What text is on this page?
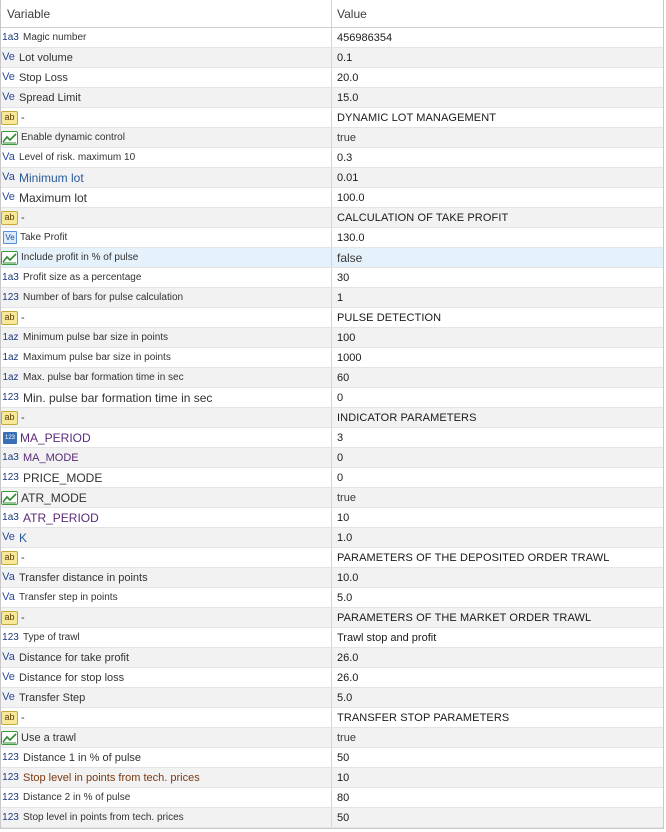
Variable	Value
1a3 Magic number	456986354
Ve Lot volume	0.1
Ve Stop Loss	20.0
Ve Spread Limit	15.0
ab -	DYNAMIC LOT MANAGEMENT
Enable dynamic control	true
Va Level of risk. maximum 10	0.3
Va Minimum lot	0.01
Ve Maximum lot	100.0
ab -	CALCULATION OF TAKE PROFIT
Ve Take Profit	130.0
Include profit in % of pulse	false
1a3 Profit size as a percentage	30
123 Number of bars for pulse calculation	1
ab -	PULSE DETECTION
1az Minimum pulse bar size in points	100
1az Maximum pulse bar size in points	1000
1az Max. pulse bar formation time in sec	60
123 Min. pulse bar formation time in sec	0
ab -	INDICATOR PARAMETERS
123 MA_PERIOD	3
1a3 MA_MODE	0
123 PRICE_MODE	0
ATR_MODE	true
1a3 ATR_PERIOD	10
Ve K	1.0
ab -	PARAMETERS OF THE DEPOSITED ORDER TRAWL
Va Transfer distance in points	10.0
Va Transfer step in points	5.0
ab -	PARAMETERS OF THE MARKET ORDER TRAWL
123 Type of trawl	Trawl stop and profit
Va Distance for take profit	26.0
Ve Distance for stop loss	26.0
Ve Transfer Step	5.0
ab -	TRANSFER STOP PARAMETERS
Use a trawl	true
123 Distance 1 in % of pulse	50
123 Stop level in points from tech. prices	10
123 Distance 2 in % of pulse	80
123 Stop level in points from tech. prices	50
